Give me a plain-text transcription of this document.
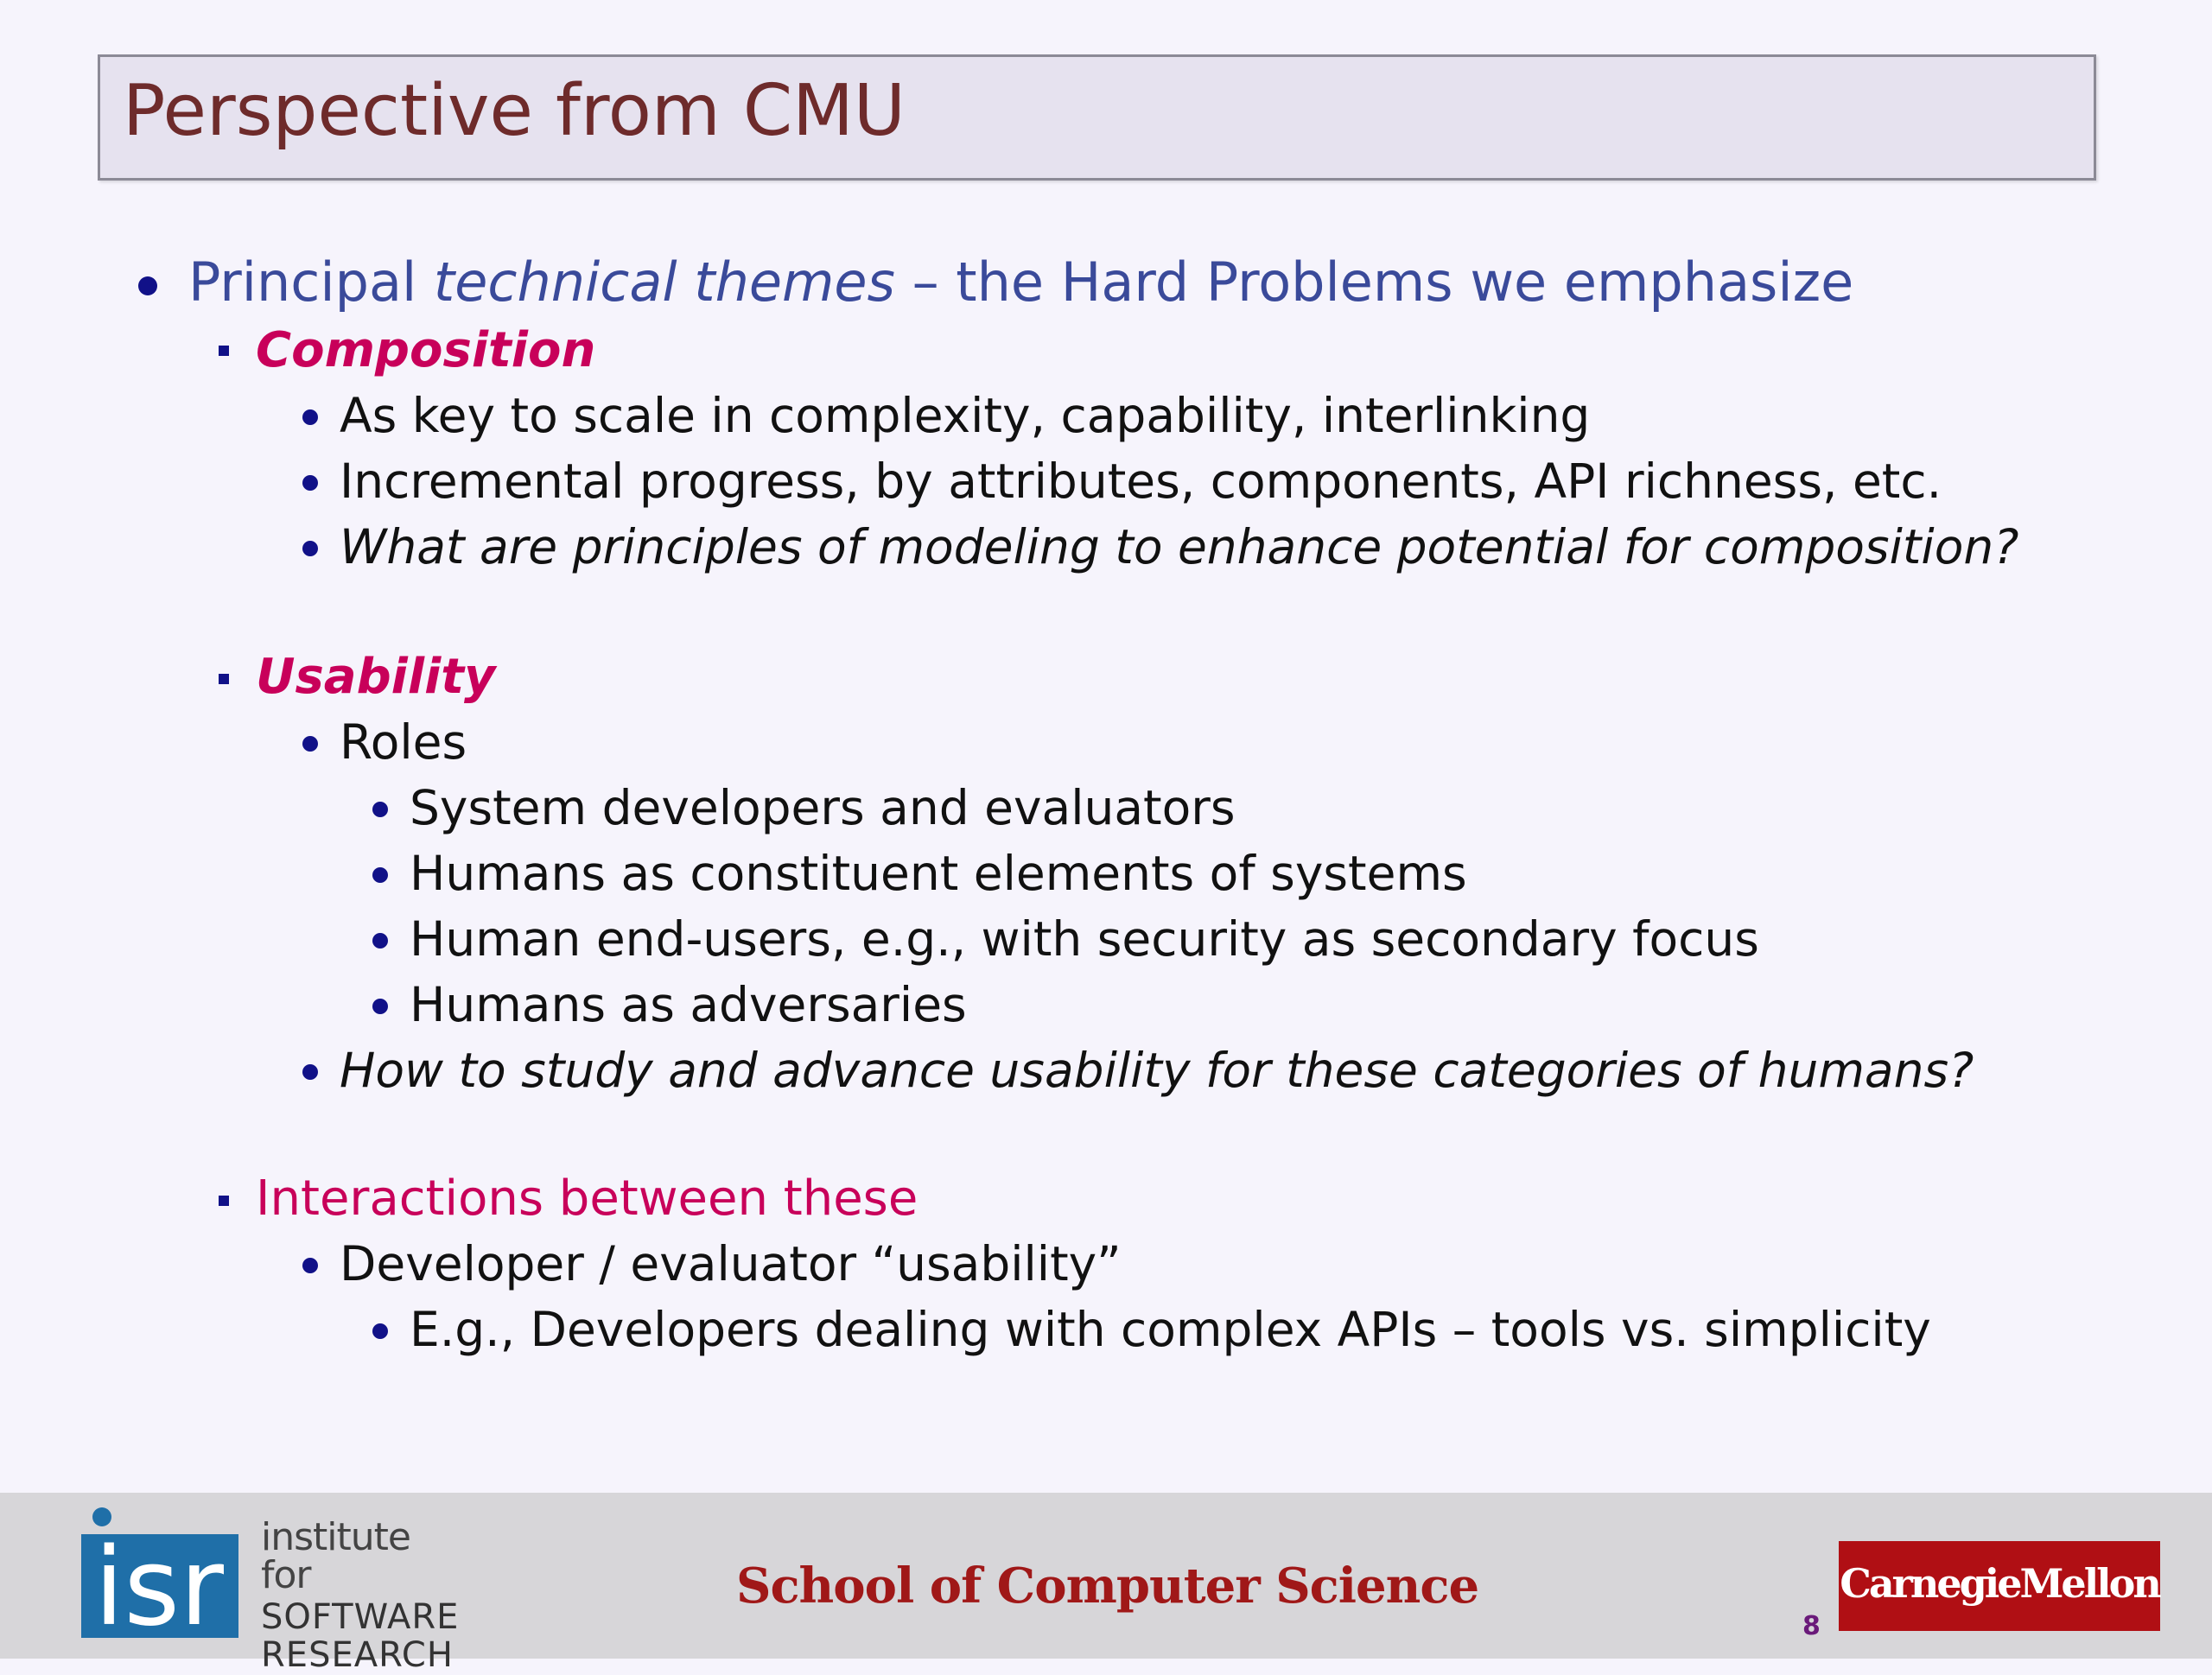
Perspective from CMU
Principal technical themes – the Hard Problems we emphasize
Composition
As key to scale in complexity, capability, interlinking
Incremental progress, by attributes, components, API richness, etc.
What are principles of modeling to enhance potential for composition?
Usability
Roles
System developers and evaluators
Humans as constituent elements of systems
Human end-users, e.g., with security as secondary focus
Humans as adversaries
How to study and advance usability for these categories of humans?
Interactions between these
Developer / evaluator “usability”
E.g., Developers dealing with complex APIs – tools vs. simplicity
isr institute for
SOFTWARE
RESEARCH
School of Computer Science
8
CarnegieMellon
